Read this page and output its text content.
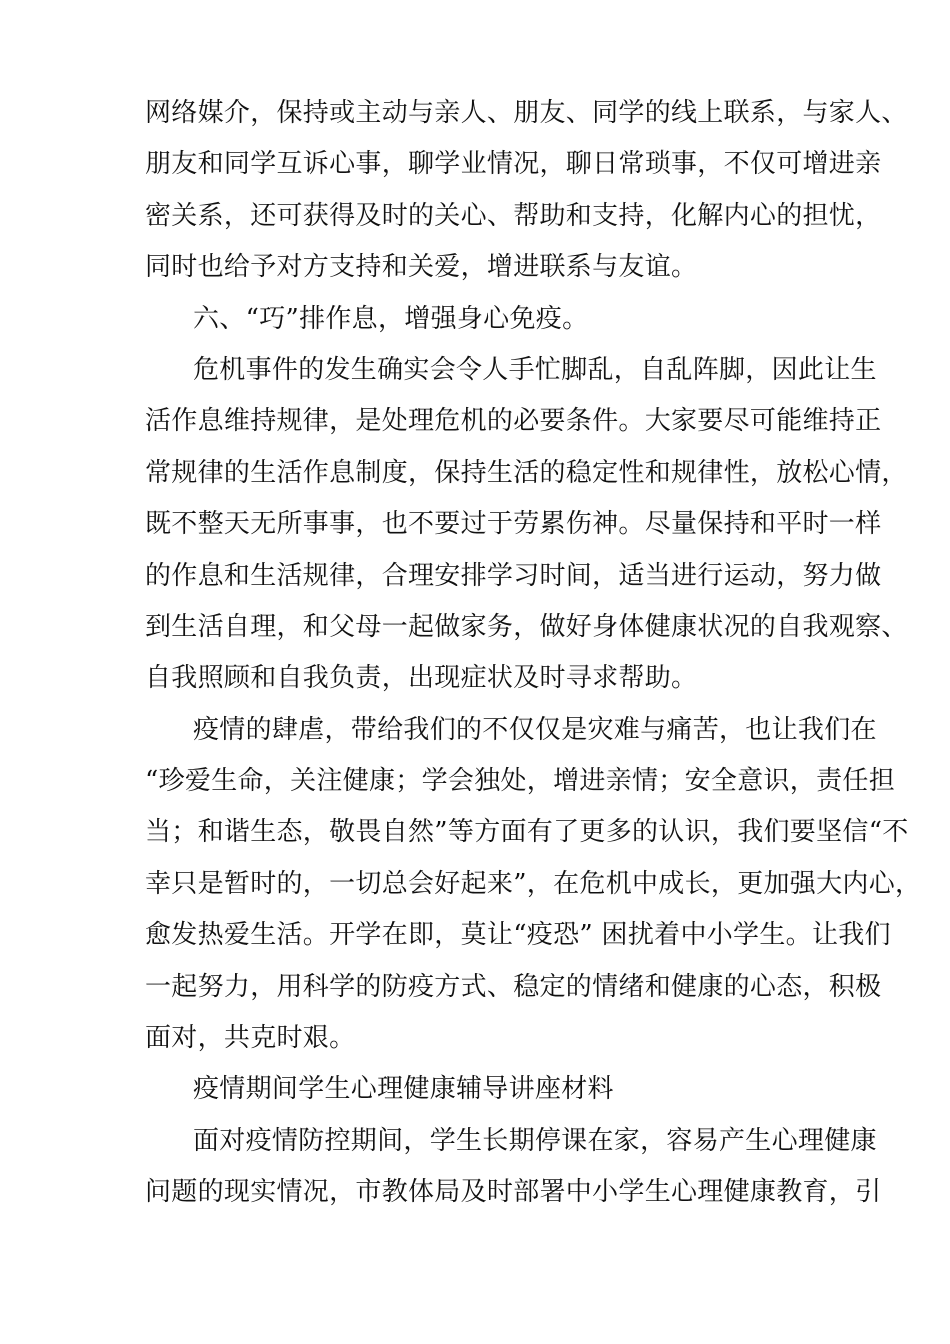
网络媒介，保持或主动与亲人、朋友、同学的线上联系，与家人、
朋友和同学互诉心事，聊学业情况，聊日常琐事，不仅可增进亲
密关系，还可获得及时的关心、帮助和支持，化解内心的担忧，
同时也给予对方支持和关爱，增进联系与友谊。
六、“巧”排作息，增强身心免疫。
危机事件的发生确实会令人手忙脚乱，自乱阵脚，因此让生
活作息维持规律，是处理危机的必要条件。大家要尽可能维持正
常规律的生活作息制度，保持生活的稳定性和规律性，放松心情，
既不整天无所事事，也不要过于劳累伤神。尽量保持和平时一样
的作息和生活规律，合理安排学习时间，适当进行运动，努力做
到生活自理，和父母一起做家务，做好身体健康状况的自我观察、
自我照顾和自我负责，出现症状及时寻求帮助。
疫情的肆虐，带给我们的不仅仅是灾难与痛苦，也让我们在
“珍爱生命，关注健康；学会独处，增进亲情；安全意识，责任担
当；和谐生态，敬畏自然”等方面有了更多的认识，我们要坚信“不
幸只是暂时的，一切总会好起来”，在危机中成长，更加强大内心，
愈发热爱生活。开学在即，莫让“疫恐” 困扰着中小学生。让我们
一起努力，用科学的防疫方式、稳定的情绪和健康的心态，积极
面对，共克时艰。
疫情期间学生心理健康辅导讲座材料
面对疫情防控期间，学生长期停课在家，容易产生心理健康
问题的现实情况，市教体局及时部署中小学生心理健康教育，引
